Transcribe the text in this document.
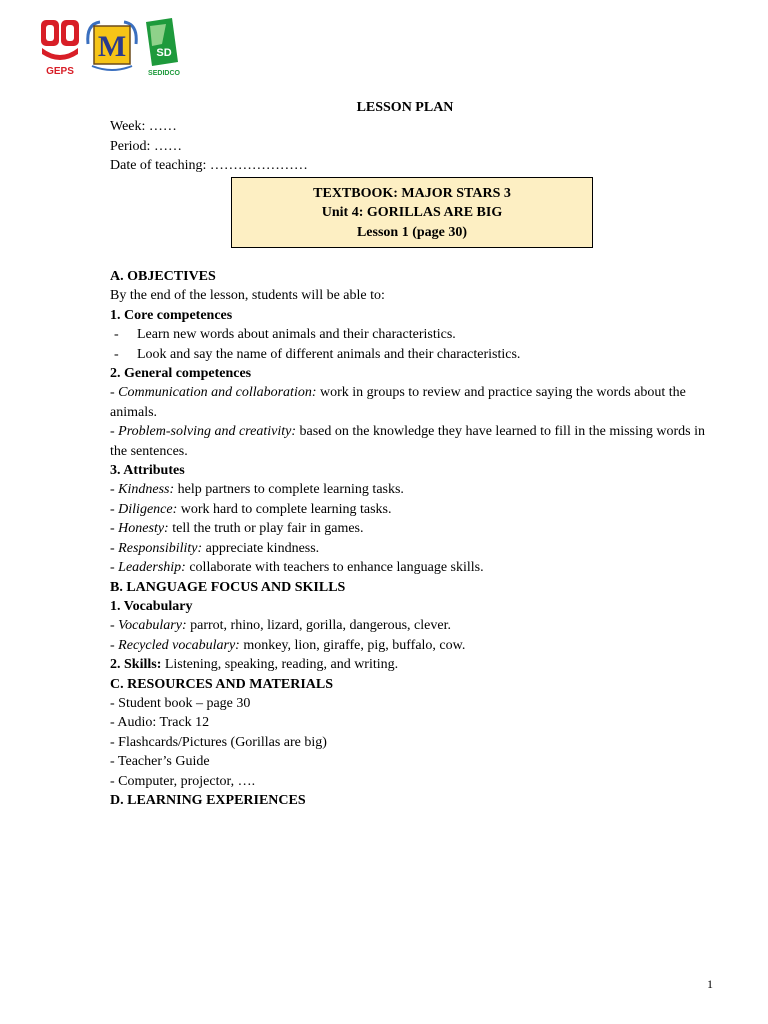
GEPS
M	SD
SEDIDCO

LESSON PLAN

Week: ……

Period: ……

Date of teaching: …………………

TEXTBOOK: MAJOR STARS 3
Unit 4: GORILLAS ARE BIG
Lesson 1 (page 30)

A. OBJECTIVES

By the end of the lesson, students will be able to:

1. Core competences

-	Learn new words about animals and their characteristics.
-	Look and say the name of different animals and their characteristics.

2. General competences

- Communication and collaboration: work in groups to review and practice saying the words about the animals.

- Problem-solving and creativity: based on the knowledge they have learned to fill in the missing words in the sentences.

3. Attributes

- Kindness: help partners to complete learning tasks.

- Diligence: work hard to complete learning tasks.

- Honesty: tell the truth or play fair in games.

- Responsibility: appreciate kindness.

- Leadership: collaborate with teachers to enhance language skills.

B. LANGUAGE FOCUS AND SKILLS

1. Vocabulary

- Vocabulary: parrot, rhino, lizard, gorilla, dangerous, clever.

- Recycled vocabulary: monkey, lion, giraffe, pig, buffalo, cow.

2. Skills: Listening, speaking, reading, and writing.

C. RESOURCES AND MATERIALS

- Student book – page 30

- Audio: Track 12

- Flashcards/Pictures (Gorillas are big)

- Teacher’s Guide

- Computer, projector, ….

D. LEARNING EXPERIENCES

1
